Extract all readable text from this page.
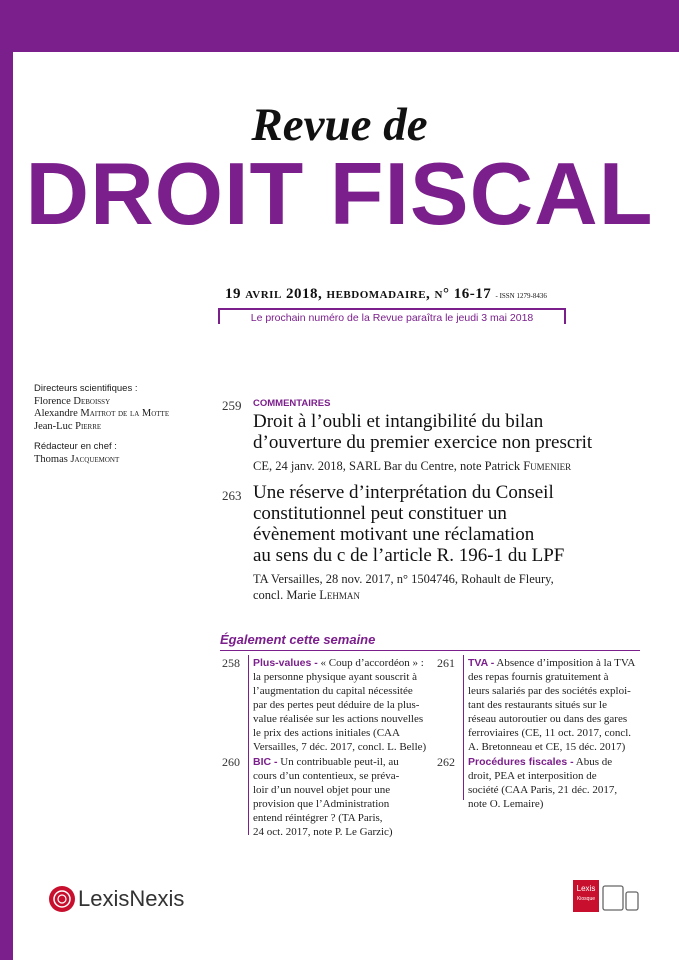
Revue de
DROIT FISCAL
19 avril 2018, hebdomadaire, n° 16-17 - ISSN 1279-8436
Le prochain numéro de la Revue paraîtra le jeudi 3 mai 2018
Directeurs scientifiques :
Florence Deboissy
Alexandre Maitrot de la Motte
Jean-Luc Pierre
Rédacteur en chef :
Thomas Jacquemont
259 COMMENTAIRES
Droit à l’oubli et intangibilité du bilan
d’ouverture du premier exercice non prescrit
CE, 24 janv. 2018, SARL Bar du Centre, note Patrick Fumenier
263 Une réserve d’interprétation du Conseil
constitutionnel peut constituer un
évènement motivant une réclamation
au sens du c de l’article R. 196-1 du LPF
TA Versailles, 28 nov. 2017, n° 1504746, Rohault de Fleury,
concl. Marie Lehman
Également cette semaine
258 Plus-values - « Coup d’accordéon » :
la personne physique ayant souscrit à
l’augmentation du capital nécessitée
par des pertes peut déduire de la plus-
value réalisée sur les actions nouvelles
le prix des actions initiales (CAA
Versailles, 7 déc. 2017, concl. L. Belle)
260 BIC - Un contribuable peut-il, au
cours d’un contentieux, se préva-
loir d’un nouvel objet pour une
provision que l’Administration
entend réintégrer ? (TA Paris,
24 oct. 2017, note P. Le Garzic)
261 TVA - Absence d’imposition à la TVA
des repas fournis gratuitement à
leurs salariés par des sociétés exploi-
tant des restaurants situés sur le
réseau autoroutier ou dans des gares
ferroviaires (CE, 11 oct. 2017, concl.
A. Bretonneau et CE, 15 déc. 2017)
262 Procédures fiscales - Abus de
droit, PEA et interposition de
société (CAA Paris, 21 déc. 2017,
note O. Lemaire)
LexisNexis	Lexis
Kiosque
